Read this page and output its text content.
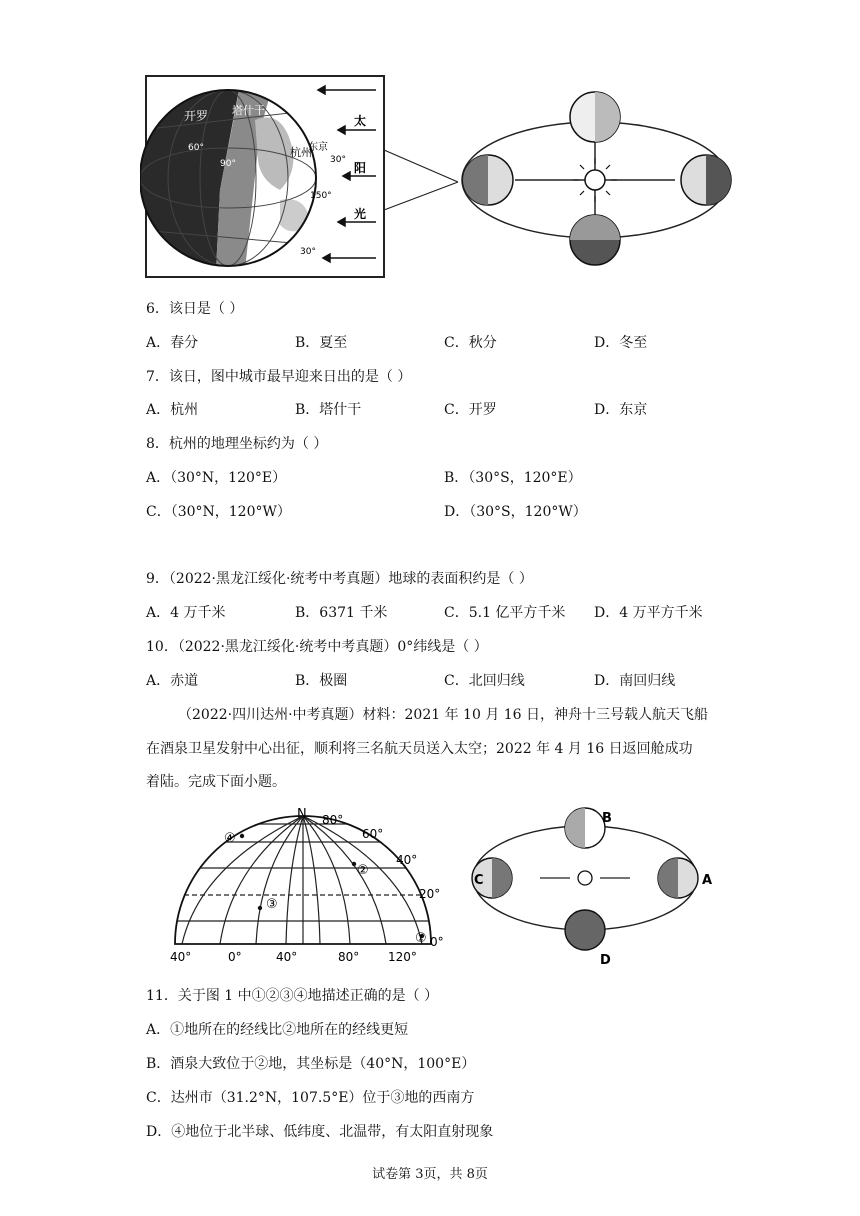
开罗 塔什干
杭州
东京
60°
90°	30°
150°
30°
太
阳
光
6．该日是（ ）
A．春分	B．夏至	C．秋分	D．冬至
7．该日，图中城市最早迎来日出的是（ ）
A．杭州	B．塔什干	C．开罗	D．东京
8．杭州的地理坐标约为（ ）
A．（30°N，120°E）	B．（30°S，120°E）
C．（30°N，120°W）	D．（30°S，120°W）
9．（2022·黑龙江绥化·统考中考真题）地球的表面积约是（ ）
A．4 万千米	B．6371 千米	C．5.1 亿平方千米 D．4 万平方千米
10．（2022·黑龙江绥化·统考中考真题）0°纬线是（ ）
A．赤道	B．极圈	C．北回归线	D．南回归线
（2022·四川达州·中考真题）材料：2021 年 10 月 16 日，神舟十三号载人航天飞船
在酒泉卫星发射中心出征，顺利将三名航天员送入太空；2022 年 4 月 16 日返回舱成功
着陆。完成下面小题。
N 80°
60°
40°
20°
0°
40°	0°	40°	80° 120°
①
②
③
④
B
C	A
D
11．关于图 1 中①②③④地描述正确的是（ ）
A．①地所在的经线比②地所在的经线更短
B．酒泉大致位于②地，其坐标是（40°N，100°E）
C．达州市（31.2°N，107.5°E）位于③地的西南方
D．④地位于北半球、低纬度、北温带，有太阳直射现象
试卷第 3页，共 8页
